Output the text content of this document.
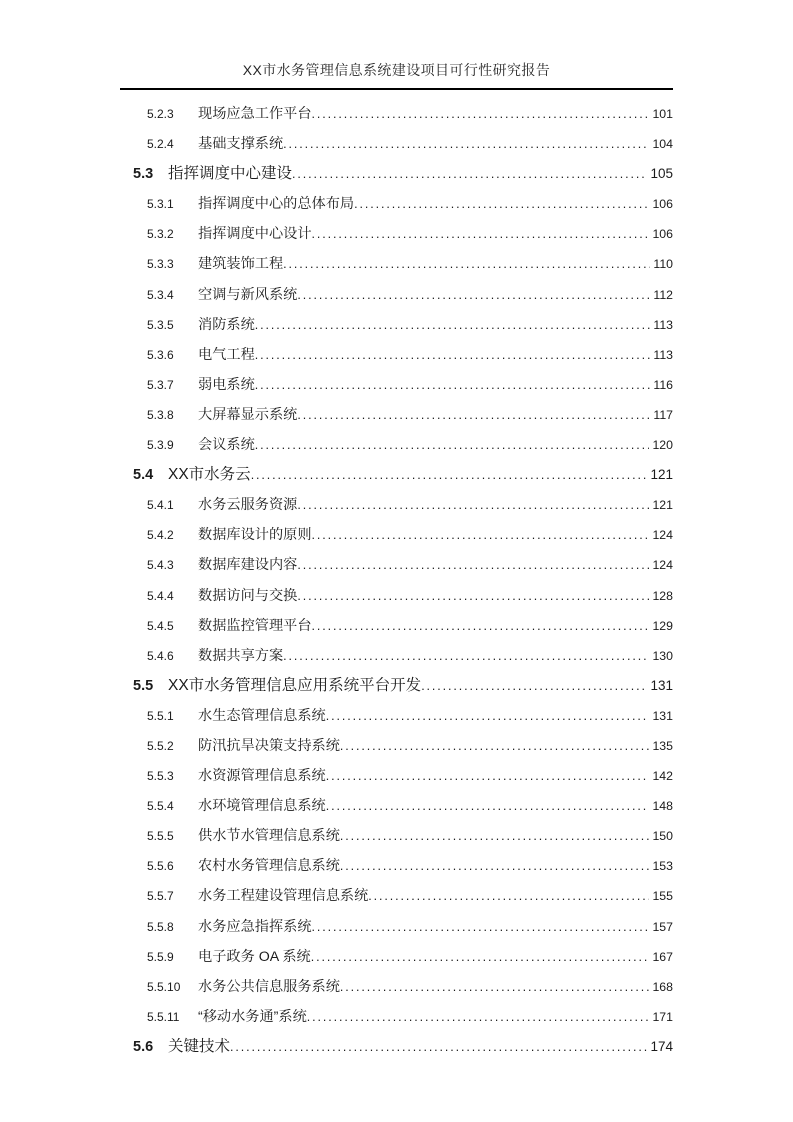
XX市水务管理信息系统建设项目可行性研究报告
5.2.3	现场应急工作平台 .....	101
5.2.4	基础支撑系统 .....	104
5.3 指挥调度中心建设 .....	105
5.3.1	指挥调度中心的总体布局 .....	106
5.3.2	指挥调度中心设计 .....	106
5.3.3	建筑装饰工程 .....	110
5.3.4	空调与新风系统 .....	112
5.3.5	消防系统 .....	113
5.3.6	电气工程 .....	113
5.3.7	弱电系统 .....	116
5.3.8	大屏幕显示系统 .....	117
5.3.9	会议系统 .....	120
5.4 XX市水务云 .....	121
5.4.1	水务云服务资源 .....	121
5.4.2	数据库设计的原则 .....	124
5.4.3	数据库建设内容 .....	124
5.4.4	数据访问与交换 .....	128
5.4.5	数据监控管理平台 .....	129
5.4.6	数据共享方案 .....	130
5.5 XX市水务管理信息应用系统平台开发 .....	131
5.5.1	水生态管理信息系统 .....	131
5.5.2	防汛抗旱决策支持系统 .....	135
5.5.3	水资源管理信息系统 .....	142
5.5.4	水环境管理信息系统 .....	148
5.5.5	供水节水管理信息系统 .....	150
5.5.6	农村水务管理信息系统 .....	153
5.5.7	水务工程建设管理信息系统 .....	155
5.5.8	水务应急指挥系统 .....	157
5.5.9	电子政务 OA 系统 .....	167
5.5.10	水务公共信息服务系统 .....	168
5.5.11	“移动水务通”系统 .....	171
5.6 关键技术 .....	174
